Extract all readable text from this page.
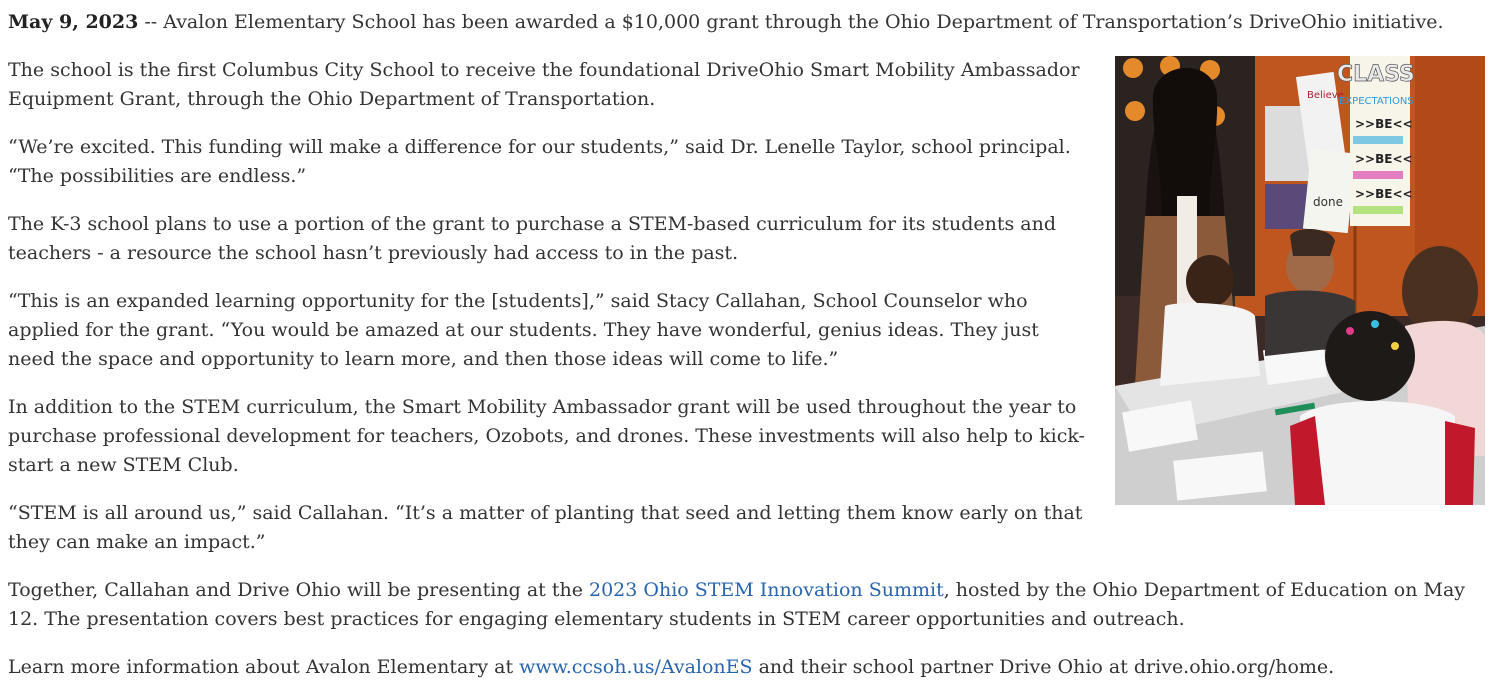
May 9, 2023 -- Avalon Elementary School has been awarded a $10,000 grant through the Ohio Department of Transportation’s DriveOhio initiative.

Believe
done
CLASS
EXPECTATIONS
>>BE<<
>>BE<<
>>BE<<

The school is the first Columbus City School to receive the foundational DriveOhio Smart Mobility Ambassador Equipment Grant, through the Ohio Department of Transportation.

“We’re excited. This funding will make a difference for our students,” said Dr. Lenelle Taylor, school principal. “The possibilities are endless.”

The K-3 school plans to use a portion of the grant to purchase a STEM-based curriculum for its students and teachers - a resource the school hasn’t previously had access to in the past.

“This is an expanded learning opportunity for the [students],” said Stacy Callahan, School Counselor who applied for the grant. “You would be amazed at our students. They have wonderful, genius ideas. They just need the space and opportunity to learn more, and then those ideas will come to life.”

In addition to the STEM curriculum, the Smart Mobility Ambassador grant will be used throughout the year to purchase professional development for teachers, Ozobots, and drones. These investments will also help to kick-start a new STEM Club.

“STEM is all around us,” said Callahan. “It’s a matter of planting that seed and letting them know early on that they can make an impact.”

Together, Callahan and Drive Ohio will be presenting at the 2023 Ohio STEM Innovation Summit, hosted by the Ohio Department of Education on May 12. The presentation covers best practices for engaging elementary students in STEM career opportunities and outreach.

Learn more information about Avalon Elementary at www.ccsoh.us/AvalonES and their school partner Drive Ohio at drive.ohio.org/home.
